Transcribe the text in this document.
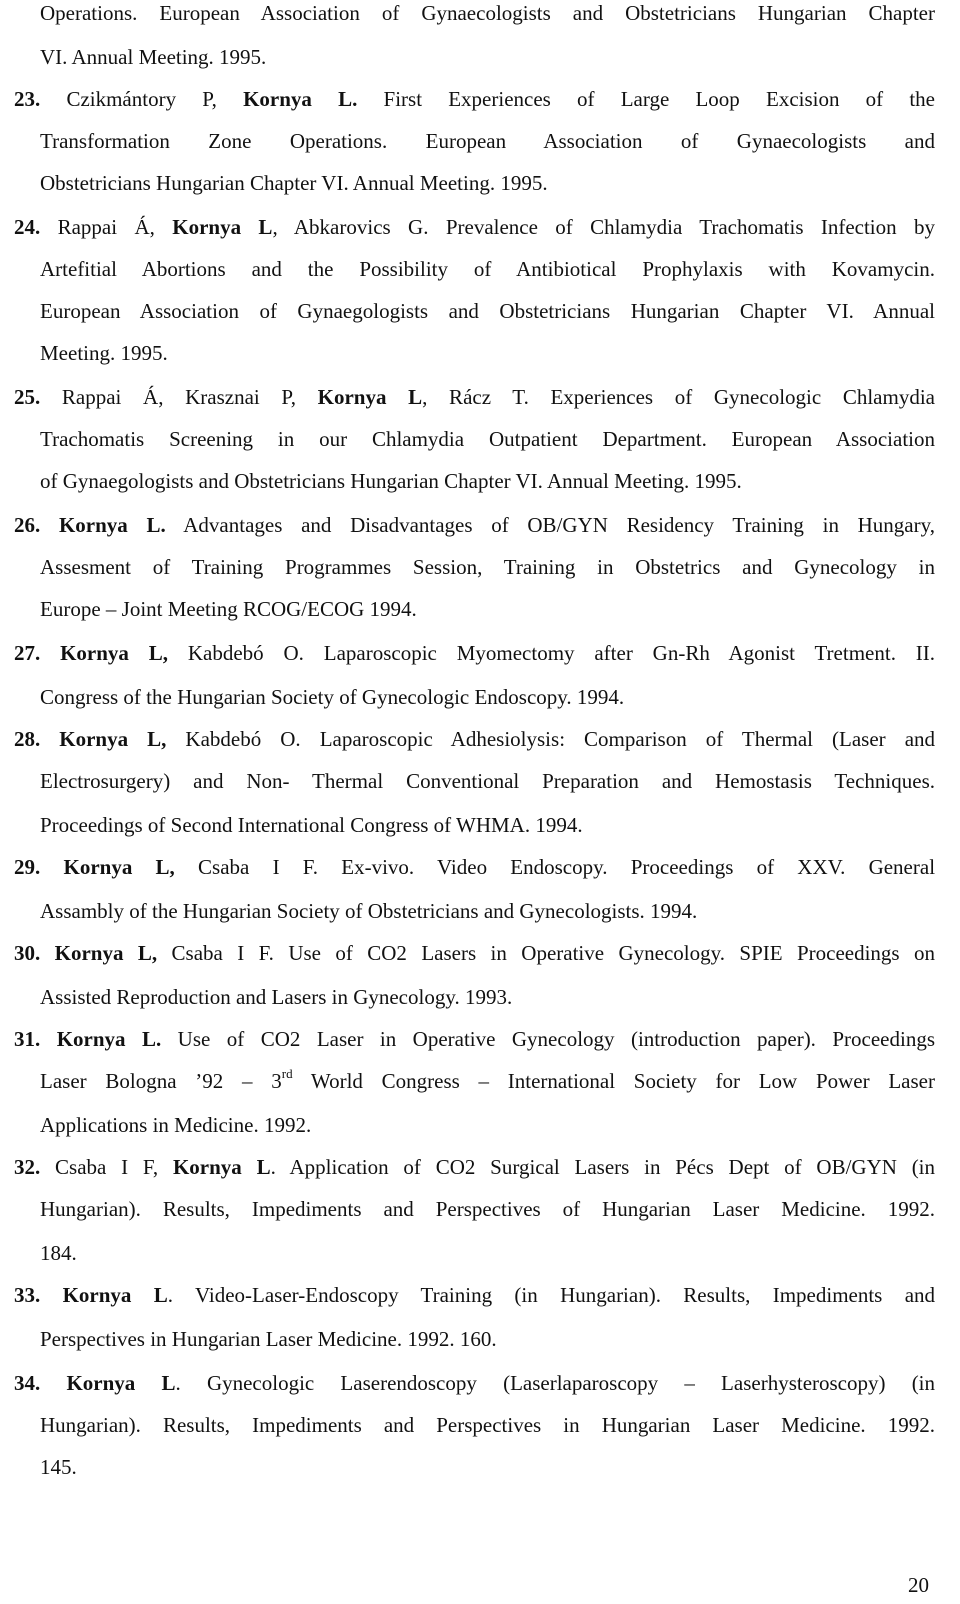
Operations. European Association of Gynaecologists and Obstetricians Hungarian Chapter
VI. Annual Meeting. 1995.
23. Czikmántory P, Kornya L. First Experiences of Large Loop Excision of the
Transformation Zone Operations. European Association of Gynaecologists and
Obstetricians Hungarian Chapter VI. Annual Meeting. 1995.
24. Rappai Á, Kornya L, Abkarovics G. Prevalence of Chlamydia Trachomatis Infection by
Artefitial Abortions and the Possibility of Antibiotical Prophylaxis with Kovamycin.
European Association of Gynaegologists and Obstetricians Hungarian Chapter VI. Annual
Meeting. 1995.
25. Rappai Á, Krasznai P, Kornya L, Rácz T. Experiences of Gynecologic Chlamydia
Trachomatis Screening in our Chlamydia Outpatient Department. European Association
of Gynaegologists and Obstetricians Hungarian Chapter VI. Annual Meeting. 1995.
26. Kornya L. Advantages and Disadvantages of OB/GYN Residency Training in Hungary,
Assesment of Training Programmes Session, Training in Obstetrics and Gynecology in
Europe – Joint Meeting RCOG/ECOG 1994.
27. Kornya L, Kabdebó O. Laparoscopic Myomectomy after Gn-Rh Agonist Tretment. II.
Congress of the Hungarian Society of Gynecologic Endoscopy. 1994.
28. Kornya L, Kabdebó O. Laparoscopic Adhesiolysis: Comparison of Thermal (Laser and
Electrosurgery) and Non- Thermal Conventional Preparation and Hemostasis Techniques.
Proceedings of Second International Congress of WHMA. 1994.
29. Kornya L, Csaba I F. Ex-vivo. Video Endoscopy. Proceedings of XXV. General
Assambly of the Hungarian Society of Obstetricians and Gynecologists. 1994.
30. Kornya L, Csaba I F. Use of CO2 Lasers in Operative Gynecology. SPIE Proceedings on
Assisted Reproduction and Lasers in Gynecology. 1993.
31. Kornya L. Use of CO2 Laser in Operative Gynecology (introduction paper). Proceedings
Laser Bologna ’92 – 3rd World Congress – International Society for Low Power Laser
Applications in Medicine. 1992.
32. Csaba I F, Kornya L. Application of CO2 Surgical Lasers in Pécs Dept of OB/GYN (in
Hungarian). Results, Impediments and Perspectives of Hungarian Laser Medicine. 1992.
184.
33. Kornya L. Video-Laser-Endoscopy Training (in Hungarian). Results, Impediments and
Perspectives in Hungarian Laser Medicine. 1992. 160.
34. Kornya L. Gynecologic Laserendoscopy (Laserlaparoscopy – Laserhysteroscopy) (in
Hungarian). Results, Impediments and Perspectives in Hungarian Laser Medicine. 1992.
145.
20
